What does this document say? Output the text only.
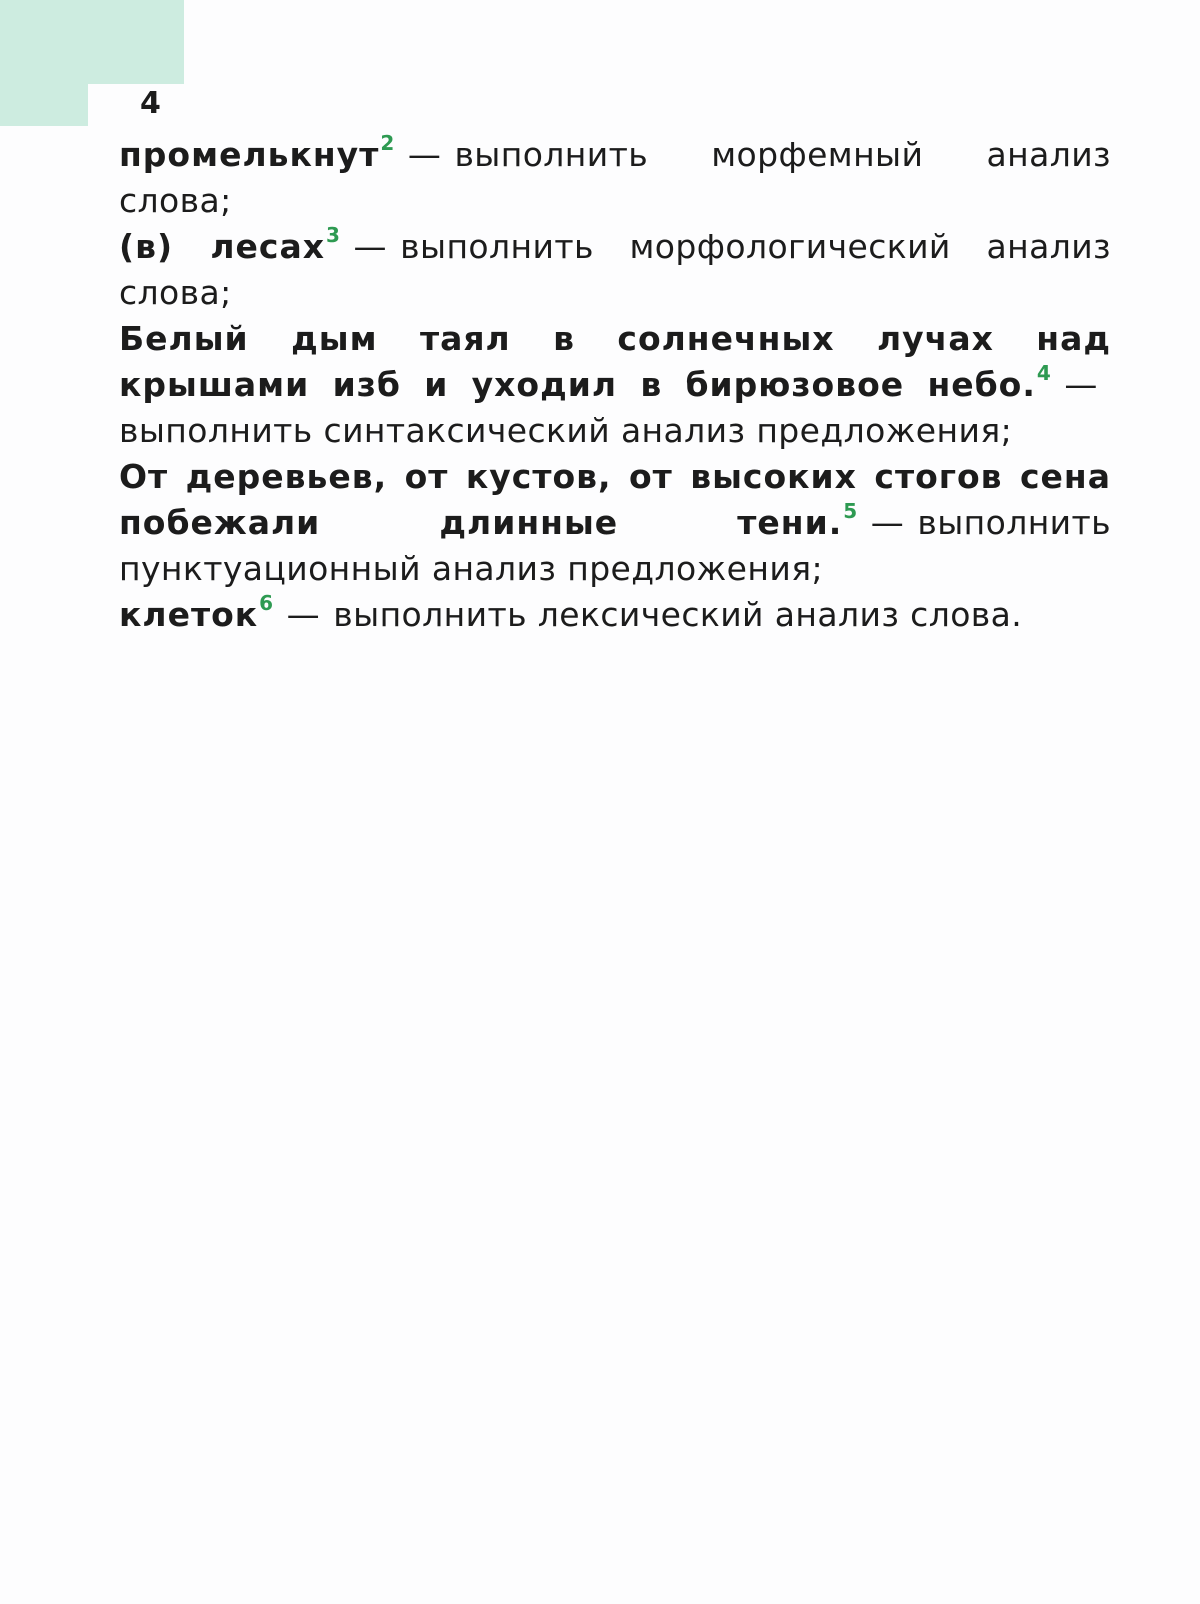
4

промелькнут$^2$ — выполнить морфемный анализ слова;

(в) лесах$^3$ — выполнить морфологический анализ слова;

Белый дым таял в солнечных лучах над крышами изб и уходил в бирюзовое небо.$^4$ —выполнить синтаксический анализ предложения;

От деревьев, от кустов, от высоких стогов сена побежали длинные тени.$^5$ — выполнить пунктуационный анализ предложения;

клеток$^6$ — выполнить лексический анализ слова.
